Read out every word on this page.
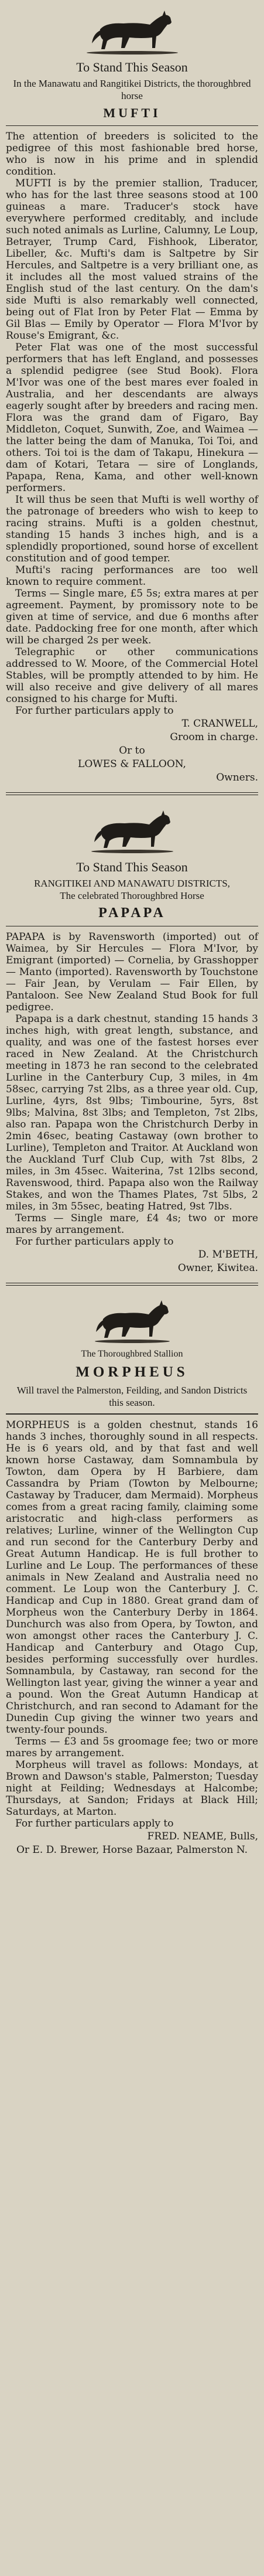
To Stand This Season
In the Manawatu and Rangitikei Districts, the thoroughbred horse
MUFTI

The attention of breeders is solicited to the pedigree of this most fashionable bred horse, who is now in his prime and in splendid condition.

MUFTI is by the premier stallion, Traducer, who has for the last three seasons stood at 100 guineas a mare. Traducer's stock have everywhere performed creditably, and include such noted animals as Lurline, Calumny, Le Loup, Betrayer, Trump Card, Fishhook, Liberator, Libeller, &c. Mufti's dam is Saltpetre by Sir Hercules, and Saltpetre is a very brilliant one, as it includes all the most valued strains of the English stud of the last century. On the dam's side Mufti is also remarkably well connected, being out of Flat Iron by Peter Flat — Emma by Gil Blas — Emily by Operator — Flora M'Ivor by Rouse's Emigrant, &c.

Peter Flat was one of the most successful performers that has left England, and possesses a splendid pedigree (see Stud Book). Flora M'Ivor was one of the best mares ever foaled in Australia, and her descendants are always eagerly sought after by breeders and racing men. Flora was the grand dam of Figaro, Bay Middleton, Coquet, Sunwith, Zoe, and Waimea — the latter being the dam of Manuka, Toi Toi, and others. Toi toi is the dam of Takapu, Hinekura — dam of Kotari, Tetara — sire of Longlands, Papapa, Rena, Kama, and other well-known performers.

It will thus be seen that Mufti is well worthy of the patronage of breeders who wish to keep to racing strains. Mufti is a golden chestnut, standing 15 hands 3 inches high, and is a splendidly proportioned, sound horse of excellent constitution and of good temper.

Mufti's racing performances are too well known to require comment.

Terms — Single mare, £5 5s; extra mares at per agreement. Payment, by promissory note to be given at time of service, and due 6 months after date. Paddocking free for one month, after which will be charged 2s per week.

Telegraphic or other communications addressed to W. Moore, of the Commercial Hotel Stables, will be promptly attended to by him. He will also receive and give delivery of all mares consigned to his charge for Mufti.

For further particulars apply to

T. CRANWELL,
Groom in charge.
Or to
LOWES & FALLOON,
Owners.
To Stand This Season
RANGITIKEI AND MANAWATU DISTRICTS,
The celebrated Thoroughbred Horse
PAPAPA

PAPAPA is by Ravensworth (imported) out of Waimea, by Sir Hercules — Flora M'Ivor, by Emigrant (imported) — Cornelia, by Grasshopper — Manto (imported). Ravensworth by Touchstone — Fair Jean, by Verulam — Fair Ellen, by Pantaloon. See New Zealand Stud Book for full pedigree.

Papapa is a dark chestnut, standing 15 hands 3 inches high, with great length, substance, and quality, and was one of the fastest horses ever raced in New Zealand. At the Christchurch meeting in 1873 he ran second to the celebrated Lurline in the Canterbury Cup, 3 miles, in 4m 58sec, carrying 7st 2lbs, as a three year old. Cup, Lurline, 4yrs, 8st 9lbs; Timbourine, 5yrs, 8st 9lbs; Malvina, 8st 3lbs; and Templeton, 7st 2lbs, also ran. Papapa won the Christchurch Derby in 2min 46sec, beating Castaway (own brother to Lurline), Templeton and Traitor. At Auckland won the Auckland Turf Club Cup, with 7st 8lbs, 2 miles, in 3m 45sec. Waiterina, 7st 12lbs second, Ravenswood, third. Papapa also won the Railway Stakes, and won the Thames Plates, 7st 5lbs, 2 miles, in 3m 55sec, beating Hatred, 9st 7lbs.

Terms — Single mare, £4 4s; two or more mares by arrangement.

For further particulars apply to

D. M'BETH,
Owner, Kiwitea.
The Thoroughbred Stallion
MORPHEUS
Will travel the Palmerston, Feilding, and Sandon Districts this season.

MORPHEUS is a golden chestnut, stands 16 hands 3 inches, thoroughly sound in all respects. He is 6 years old, and by that fast and well known horse Castaway, dam Somnambula by Towton, dam Opera by H Barbiere, dam Cassandra by Priam (Towton by Melbourne; Castaway by Traducer, dam Mermaid). Morpheus comes from a great racing family, claiming some aristocratic and high-class performers as relatives; Lurline, winner of the Wellington Cup and run second for the Canterbury Derby and Great Autumn Handicap. He is full brother to Lurline and Le Loup. The performances of these animals in New Zealand and Australia need no comment. Le Loup won the Canterbury J. C. Handicap and Cup in 1880. Great grand dam of Morpheus won the Canterbury Derby in 1864. Dunchurch was also from Opera, by Towton, and won amongst other races the Canterbury J. C. Handicap and Canterbury and Otago Cup, besides performing successfully over hurdles. Somnambula, by Castaway, ran second for the Wellington last year, giving the winner a year and a pound. Won the Great Autumn Handicap at Christchurch, and ran second to Adamant for the Dunedin Cup giving the winner two years and twenty-four pounds.

Terms — £3 and 5s groomage fee; two or more mares by arrangement.

Morpheus will travel as follows: Mondays, at Brown and Dawson's stable, Palmerston; Tuesday night at Feilding; Wednesdays at Halcombe; Thursdays, at Sandon; Fridays at Black Hill; Saturdays, at Marton.

For further particulars apply to

FRED. NEAME, Bulls,
Or E. D. Brewer, Horse Bazaar, Palmerston N.
